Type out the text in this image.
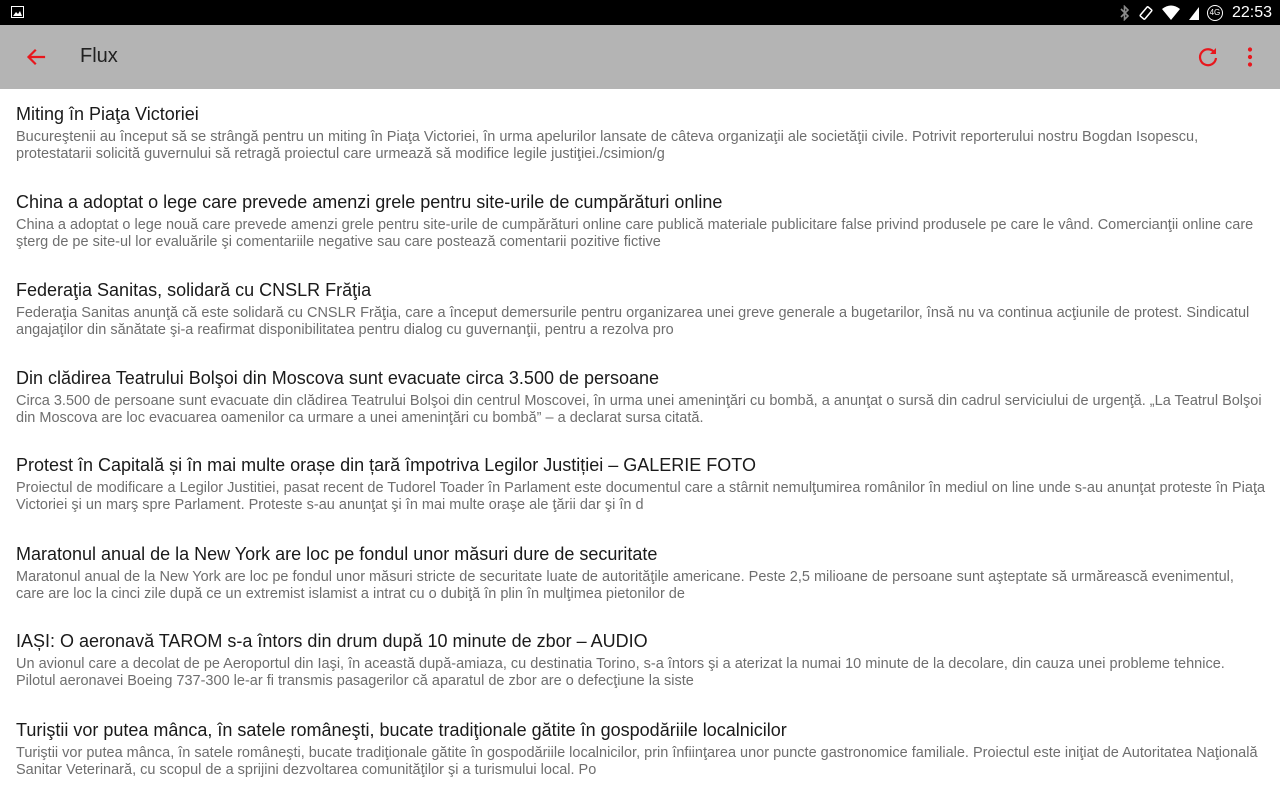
4G 22:53
Flux
Miting în Piaţa Victoriei
Bucureştenii au început să se strângă pentru un miting în Piaţa Victoriei, în urma apelurilor lansate de câteva organizaţii ale societăţii civile. Potrivit reporterului nostru Bogdan Isopescu, protestatarii solicită guvernului să retragă proiectul care urmează să modifice legile justiţiei./csimion/g
China a adoptat o lege care prevede amenzi grele pentru site-urile de cumpărături online
China a adoptat o lege nouă care prevede amenzi grele pentru site-urile de cumpărături online care publică materiale publicitare false privind produsele pe care le vând. Comercianţii online care şterg de pe site-ul lor evaluările şi comentariile negative sau care postează comentarii pozitive fictive
Federaţia Sanitas, solidară cu CNSLR Frăţia
Federaţia Sanitas anunţă că este solidară cu CNSLR Frăţia, care a început demersurile pentru organizarea unei greve generale a bugetarilor, însă nu va continua acţiunile de protest. Sindicatul angajaţilor din sănătate şi-a reafirmat disponibilitatea pentru dialog cu guvernanţii, pentru a rezolva pro
Din clădirea Teatrului Bolşoi din Moscova sunt evacuate circa 3.500 de persoane
Circa 3.500 de persoane sunt evacuate din clădirea Teatrului Bolşoi din centrul Moscovei, în urma unei ameninţări cu bombă, a anunţat o sursă din cadrul serviciului de urgenţă. „La Teatrul Bolşoi din Moscova are loc evacuarea oamenilor ca urmare a unei ameninţări cu bombă” – a declarat sursa citată.
Protest în Capitală și în mai multe orașe din țară împotriva Legilor Justiției – GALERIE FOTO
Proiectul de modificare a Legilor Justitiei, pasat recent de Tudorel Toader în Parlament este documentul care a stârnit nemulţumirea românilor în mediul on line unde s-au anunţat proteste în Piaţa Victoriei şi un marş spre Parlament. Proteste s-au anunţat şi în mai multe oraşe ale ţării dar şi în d
Maratonul anual de la New York are loc pe fondul unor măsuri dure de securitate
Maratonul anual de la New York are loc pe fondul unor măsuri stricte de securitate luate de autorităţile americane. Peste 2,5 milioane de persoane sunt aşteptate să urmărească evenimentul, care are loc la cinci zile după ce un extremist islamist a intrat cu o dubiţă în plin în mulţimea pietonilor de
IAȘI: O aeronavă TAROM s-a întors din drum după 10 minute de zbor – AUDIO
Un avionul care a decolat de pe Aeroportul din Iaşi, în această după-amiaza, cu destinatia Torino, s-a întors şi a aterizat la numai 10 minute de la decolare, din cauza unei probleme tehnice. Pilotul aeronavei Boeing 737-300 le-ar fi transmis pasagerilor că aparatul de zbor are o defecţiune la siste
Turiştii vor putea mânca, în satele româneşti, bucate tradiţionale gătite în gospodăriile localnicilor
Turiştii vor putea mânca, în satele româneşti, bucate tradiţionale gătite în gospodăriile localnicilor, prin înfiinţarea unor puncte gastronomice familiale. Proiectul este iniţiat de Autoritatea Naţională Sanitar Veterinară, cu scopul de a sprijini dezvoltarea comunităţilor şi a turismului local. Po
